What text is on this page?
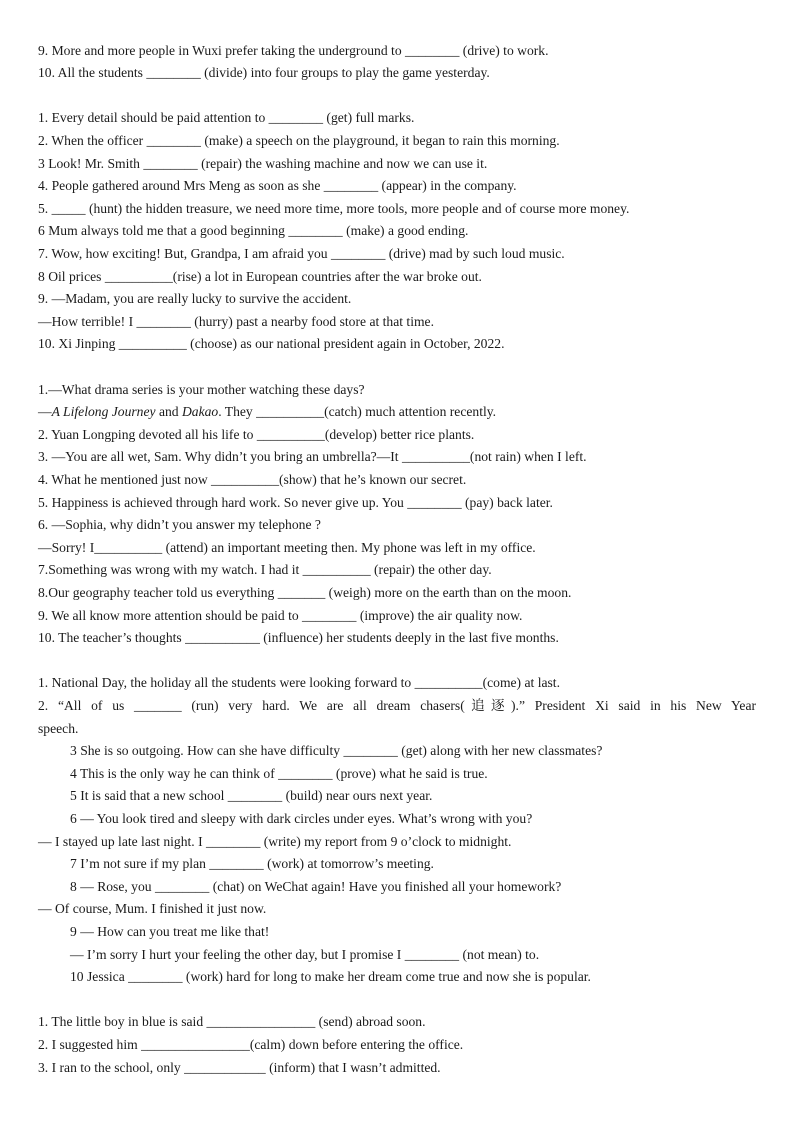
9. More and more people in Wuxi prefer taking the underground to ________ (drive) to work.
10. All the students ________ (divide) into four groups to play the game yesterday.
1. Every detail should be paid attention to ________ (get) full marks.
2. When the officer ________ (make) a speech on the playground, it began to rain this morning.
3 Look! Mr. Smith ________ (repair) the washing machine and now we can use it.
4. People gathered around Mrs Meng as soon as she ________ (appear) in the company.
5. _____ (hunt) the hidden treasure, we need more time, more tools, more people and of course more money.
6 Mum always told me that a good beginning ________ (make) a good ending.
7. Wow, how exciting! But, Grandpa, I am afraid you ________ (drive) mad by such loud music.
8 Oil prices __________(rise) a lot in European countries after the war broke out.
9. —Madam, you are really lucky to survive the accident.
—How terrible! I ________ (hurry) past a nearby food store at that time.
10. Xi Jinping __________ (choose) as our national president again in October, 2022.
1.—What drama series is your mother watching these days?
—A Lifelong Journey and Dakao. They __________(catch) much attention recently.
2. Yuan Longping devoted all his life to __________(develop) better rice plants.
3. —You are all wet, Sam. Why didn’t you bring an umbrella?—It __________(not rain) when I left.
4. What he mentioned just now __________(show) that he’s known our secret.
5. Happiness is achieved through hard work. So never give up. You ________ (pay) back later.
6. —Sophia, why didn’t you answer my telephone ?
—Sorry! I__________ (attend) an important meeting then. My phone was left in my office.
7.Something was wrong with my watch. I had it __________ (repair) the other day.
8.Our geography teacher told us everything _______ (weigh) more on the earth than on the moon.
9. We all know more attention should be paid to ________ (improve) the air quality now.
10. The teacher’s thoughts ___________ (influence) her students deeply in the last five months.
1. National Day, the holiday all the students were looking forward to __________(come) at last.
2. “All of us _______ (run) very hard. We are all dream chasers(追逐).” President Xi said in his New Year
speech.
3 She is so outgoing. How can she have difficulty ________ (get) along with her new classmates?
4 This is the only way he can think of ________ (prove) what he said is true.
5 It is said that a new school ________ (build) near ours next year.
6 — You look tired and sleepy with dark circles under eyes. What’s wrong with you?
— I stayed up late last night. I ________ (write) my report from 9 o’clock to midnight.
7 I’m not sure if my plan ________ (work) at tomorrow’s meeting.
8 — Rose, you ________ (chat) on WeChat again! Have you finished all your homework?
— Of course, Mum. I finished it just now.
9 — How can you treat me like that!
— I’m sorry I hurt your feeling the other day, but I promise I ________ (not mean) to.
10 Jessica ________ (work) hard for long to make her dream come true and now she is popular.
1. The little boy in blue is said ________________ (send) abroad soon.
2. I suggested him ________________(calm) down before entering the office.
3. I ran to the school, only ____________ (inform) that I wasn’t admitted.
